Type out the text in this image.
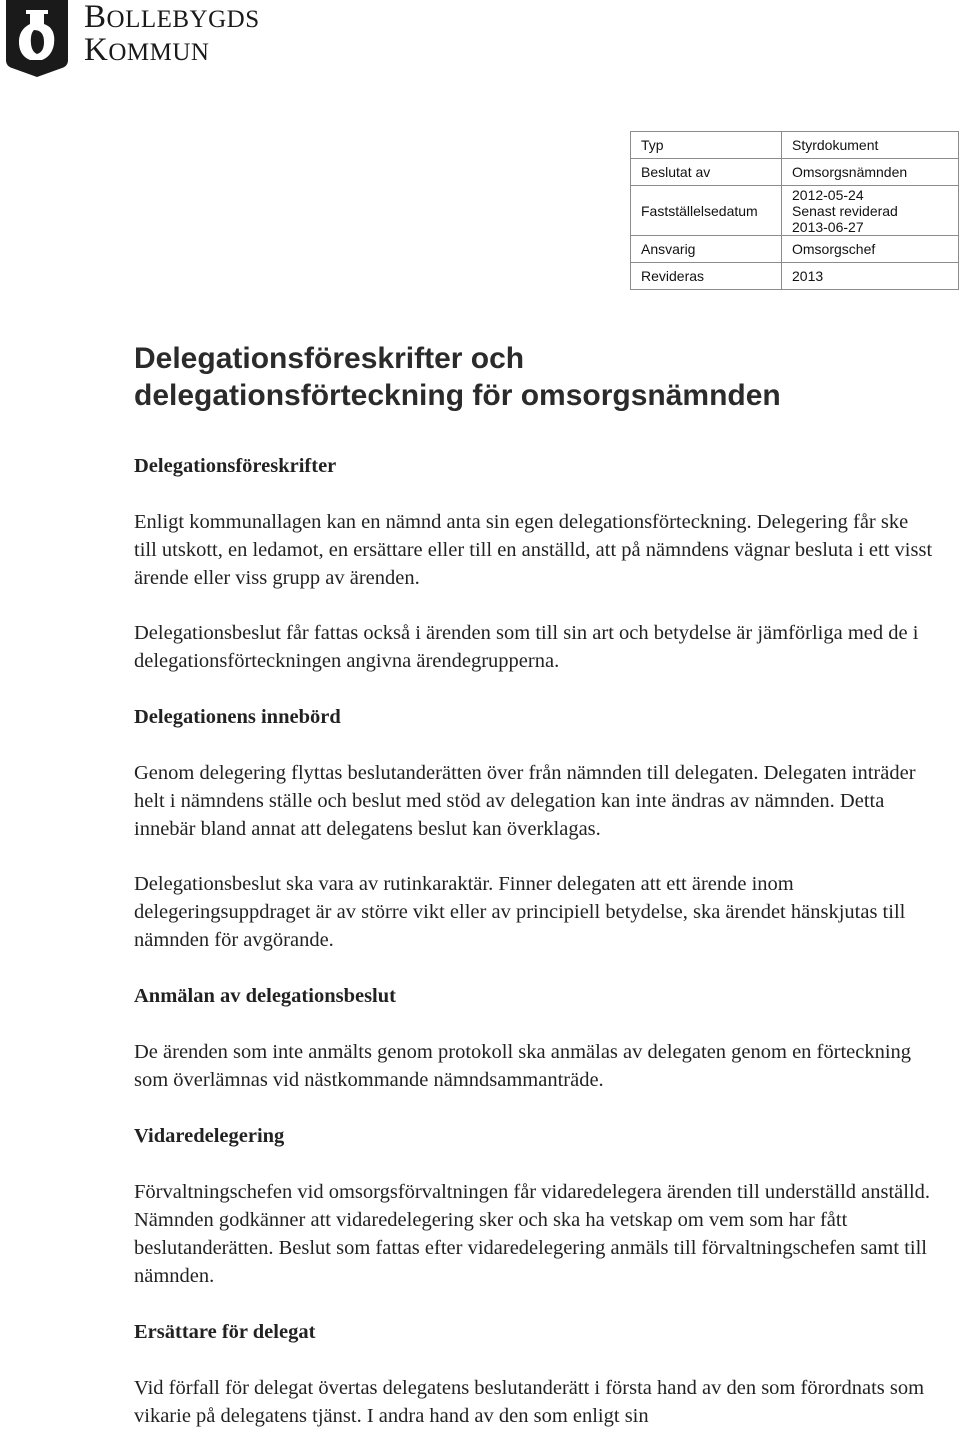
BOLLEBYGDS
KOMMUN
Typ	Styrdokument
Beslutat av	Omsorgsnämnden
Fastställelsedatum	2012-05-24
Senast reviderad
2013-06-27

Ansvarig	Omsorgschef
Revideras	2013
Delegationsföreskrifter och
delegationsförteckning för omsorgsnämnden
Delegationsföreskrifter

Enligt kommunallagen kan en nämnd anta sin egen delegationsförteckning. Delegering får ske till utskott, en ledamot, en ersättare eller till en anställd, att på nämndens vägnar besluta i ett visst ärende eller viss grupp av ärenden.

Delegationsbeslut får fattas också i ärenden som till sin art och betydelse är jämförliga med de i delegationsförteckningen angivna ärendegrupperna.

Delegationens innebörd

Genom delegering flyttas beslutanderätten över från nämnden till delegaten. Delegaten inträder helt i nämndens ställe och beslut med stöd av delegation kan inte ändras av nämnden. Detta innebär bland annat att delegatens beslut kan överklagas.

Delegationsbeslut ska vara av rutinkaraktär. Finner delegaten att ett ärende inom delegeringsuppdraget är av större vikt eller av principiell betydelse, ska ärendet hänskjutas till nämnden för avgörande.

Anmälan av delegationsbeslut

De ärenden som inte anmälts genom protokoll ska anmälas av delegaten genom en förteckning som överlämnas vid nästkommande nämndsammanträde.

Vidaredelegering

Förvaltningschefen vid omsorgsförvaltningen får vidaredelegera ärenden till underställd anställd. Nämnden godkänner att vidaredelegering sker och ska ha vetskap om vem som har fått beslutanderätten. Beslut som fattas efter vidaredelegering anmäls till förvaltningschefen samt till nämnden.

Ersättare för delegat

Vid förfall för delegat övertas delegatens beslutanderätt i första hand av den som förordnats som vikarie på delegatens tjänst. I andra hand av den som enligt sin
